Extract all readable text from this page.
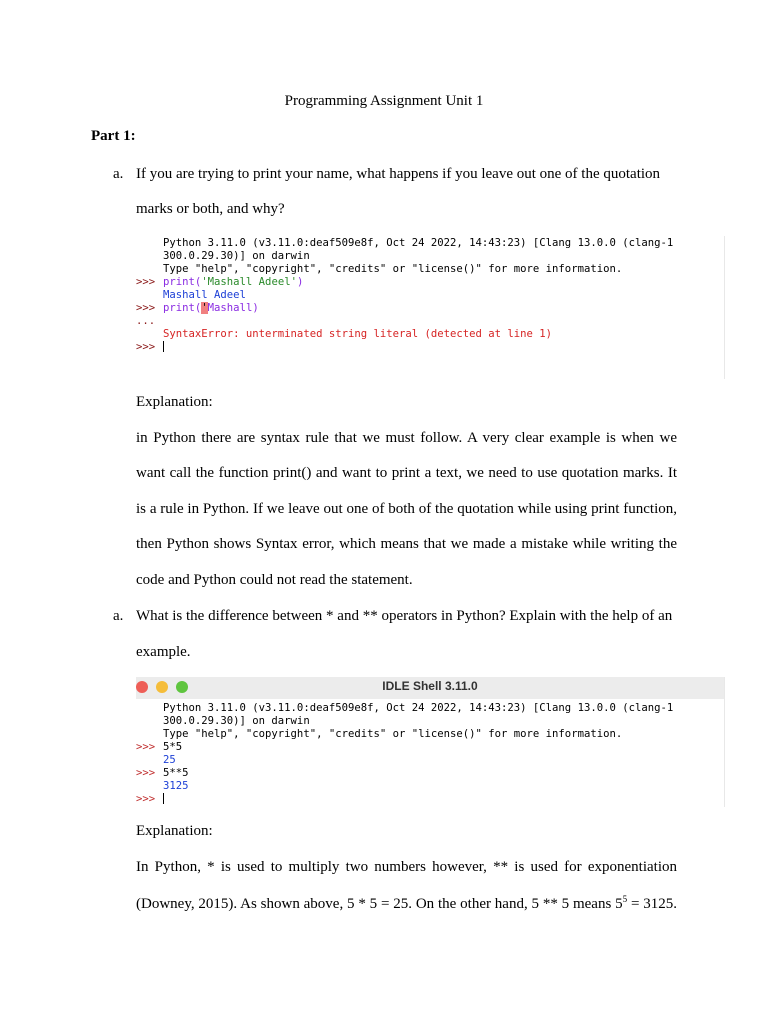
Programming Assignment Unit 1
Part 1:
a. If you are trying to print your name, what happens if you leave out one of the quotation
marks or both, and why?
Python 3.11.0 (v3.11.0:deaf509e8f, Oct 24 2022, 14:43:23) [Clang 13.0.0 (clang-1
300.0.29.30)] on darwin
Type "help", "copyright", "credits" or "license()" for more information.
>>> print('Mashall Adeel')
Mashall Adeel
>>> print('Mashall)
...
SyntaxError: unterminated string literal (detected at line 1)
>>>
Explanation:
in Python there are syntax rule that we must follow. A very clear example is when we
want call the function print() and want to print a text, we need to use quotation marks. It
is a rule in Python. If we leave out one of both of the quotation while using print function,
then Python shows Syntax error, which means that we made a mistake while writing the
code and Python could not read the statement.
a. What is the difference between * and ** operators in Python? Explain with the help of an
example.
IDLE Shell 3.11.0
Python 3.11.0 (v3.11.0:deaf509e8f, Oct 24 2022, 14:43:23) [Clang 13.0.0 (clang-1
300.0.29.30)] on darwin
Type "help", "copyright", "credits" or "license()" for more information.
>>> 5*5
25
>>> 5**5
3125
>>>
Explanation:
In Python, * is used to multiply two numbers however, ** is used for exponentiation
(Downey, 2015). As shown above, 5 * 5 = 25. On the other hand, 5 ** 5 means $5^5 = 3125$.
